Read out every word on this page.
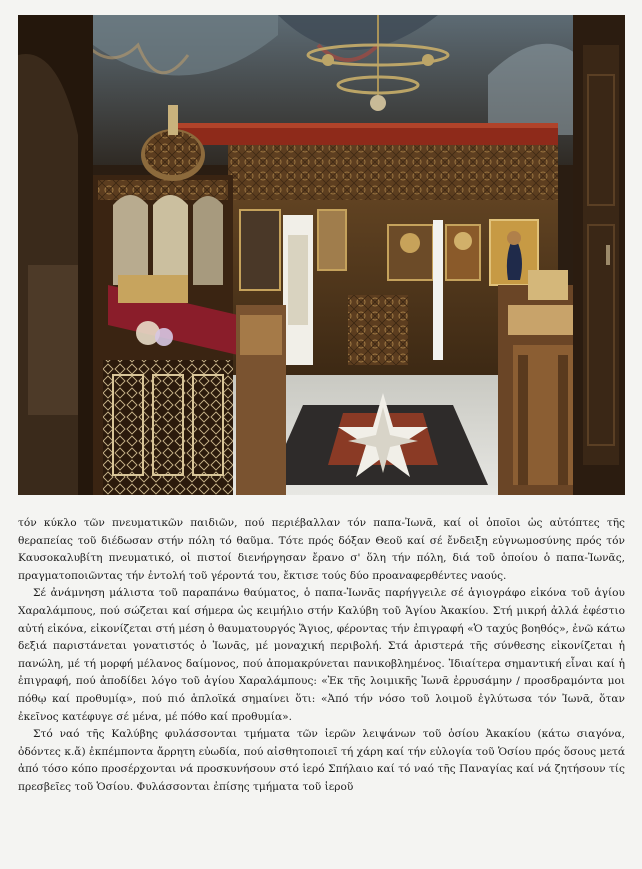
τόν κύκλο τῶν πνευματικῶν παιδιῶν, πού περιέβαλλαν τόν παπα-Ἰωνᾶ, καί οἱ ὁποῖοι ὡς αὐτόπτες τῆς θεραπείας τοῦ διέδωσαν στήν πόλη τό θαῦμα. Τότε πρός δόξαν Θεοῦ καί σέ ἔνδειξη εὐγνωμοσύνης πρός τόν Καυσοκαλυβίτη πνευματικό, οἱ πιστοί διενήργησαν ἔρανο σ' ὅλη τήν πόλη, διά τοῦ ὁποίου ὁ παπα-Ἰωνᾶς, πραγματοποιῶντας τήν ἐντολή τοῦ γέροντά του, ἔκτισε τούς δύο προαναφερθέντες ναούς.

Σέ ἀνάμνηση μάλιστα τοῦ παραπάνω θαύματος, ὁ παπα-Ἰωνᾶς παρήγγειλε σέ ἁγιογράφο εἰκόνα τοῦ ἁγίου Χαραλάμπους, πού σώζεται καί σήμερα ὡς κειμήλιο στήν Καλύβη τοῦ Ἁγίου Ἀκακίου. Στή μικρή ἀλλά ἐφέστιο αὐτή εἰκόνα, εἰκονίζεται στή μέση ὁ θαυματουργός Ἅγιος, φέροντας τήν ἐπιγραφή «Ὁ ταχύς βοηθός», ἐνῶ κάτω δεξιά παριστάνεται γονατιστός ὁ Ἰωνᾶς, μέ μοναχική περιβολή. Στά ἀριστερά τῆς σύνθεσης εἰκονίζεται ἡ πανώλη, μέ τή μορφή μέλανος δαίμονος, πού ἀπομακρύνεται πανικοβλημένος. Ἰδιαίτερα σημαντική εἶναι καί ἡ ἐπιγραφή, πού ἀποδίδει λόγο τοῦ ἁγίου Χαραλάμπους: «Ἐκ τῆς λοιμικῆς Ἰωνᾶ ἐρρυσάμην / προσδραμόντα μοι πόθῳ καί προθυμίᾳ», πού πιό ἁπλοϊκά σημαίνει ὅτι: «Ἀπό τήν νόσο τοῦ λοιμοῦ ἐγλύτωσα τόν Ἰωνᾶ, ὅταν ἐκεῖνος κατέφυγε σέ μένα, μέ πόθο καί προθυμία».

Στό ναό τῆς Καλύβης φυλάσσονται τμήματα τῶν ἱερῶν λειψάνων τοῦ ὁσίου Ἀκακίου (κάτω σιαγόνα, ὀδόντες κ.ἄ) ἐκπέμποντα ἄρρητη εὐωδία, πού αἰσθητοποιεῖ τή χάρη καί τήν εὐλογία τοῦ Ὁσίου πρός ὅσους μετά ἀπό τόσο κόπο προσέρχονται νά προσκυνήσουν στό ἱερό Σπήλαιο καί τό ναό τῆς Παναγίας καί νά ζητήσουν τίς πρεσβεῖες τοῦ Ὁσίου. Φυλάσσονται ἐπίσης τμήματα τοῦ ἱεροῦ
